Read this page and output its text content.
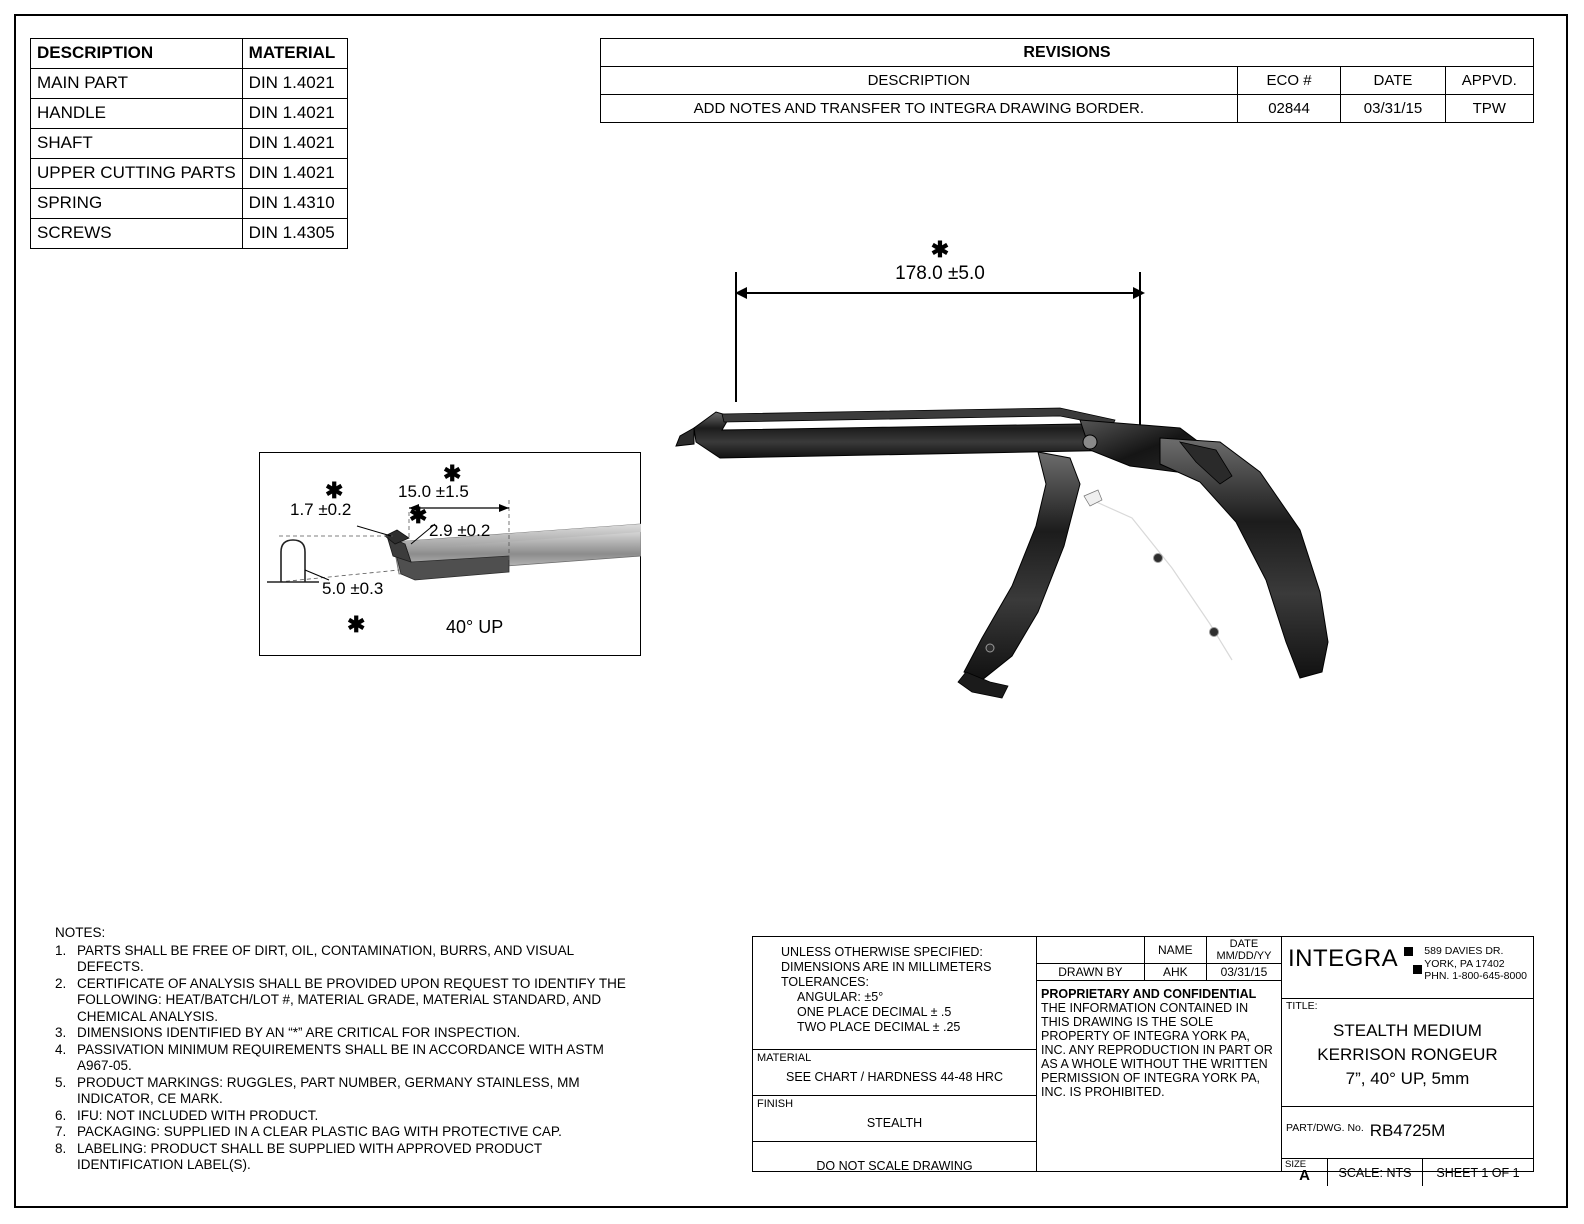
DESCRIPTION	MATERIAL
MAIN PART	DIN 1.4021
HANDLE	DIN 1.4021
SHAFT	DIN 1.4021
UPPER CUTTING PARTS	DIN 1.4021
SPRING	DIN 1.4310
SCREWS	DIN 1.4305
REVISIONS			
DESCRIPTION	ECO #	DATE	APPVD.
ADD NOTES AND TRANSFER TO INTEGRA DRAWING BORDER.	02844	03/31/15	TPW
✱
178.0 ±5.0
✱
1.7 ±0.2
✱
15.0 ±1.5
✱
2.9 ±0.2
5.0 ±0.3
✱	40° UP
NOTES:
1. PARTS SHALL BE FREE OF DIRT, OIL, CONTAMINATION, BURRS, AND VISUAL DEFECTS.
2. CERTIFICATE OF ANALYSIS SHALL BE PROVIDED UPON REQUEST TO IDENTIFY THE FOLLOWING: HEAT/BATCH/LOT #, MATERIAL GRADE, MATERIAL STANDARD, AND CHEMICAL ANALYSIS.
3. DIMENSIONS IDENTIFIED BY AN “*” ARE CRITICAL FOR INSPECTION.
4. PASSIVATION MINIMUM REQUIREMENTS SHALL BE IN ACCORDANCE WITH ASTM A967-05.
5. PRODUCT MARKINGS: RUGGLES, PART NUMBER, GERMANY STAINLESS, MM INDICATOR, CE MARK.
6. IFU: NOT INCLUDED WITH PRODUCT.
7. PACKAGING: SUPPLIED IN A CLEAR PLASTIC BAG WITH PROTECTIVE CAP.
8. LABELING: PRODUCT SHALL BE SUPPLIED WITH APPROVED PRODUCT IDENTIFICATION LABEL(S).
UNLESS OTHERWISE SPECIFIED:
DIMENSIONS ARE IN MILLIMETERS
TOLERANCES:
ANGULAR: ±5°
ONE PLACE DECIMAL ± .5
TWO PLACE DECIMAL ± .25
MATERIAL
SEE CHART / HARDNESS 44-48 HRC
FINISH
STEALTH
DO NOT SCALE DRAWING
	NAME	DATE
MM/DD/YY

DRAWN BY	AHK	03/31/15
PROPRIETARY AND CONFIDENTIAL
THE INFORMATION CONTAINED IN THIS DRAWING IS THE SOLE PROPERTY OF INTEGRA YORK PA, INC. ANY REPRODUCTION IN PART OR AS A WHOLE WITHOUT THE WRITTEN PERMISSION OF INTEGRA YORK PA, INC. IS PROHIBITED.
INTEGRA 589 DAVIES DR.
YORK, PA 17402
PHN. 1-800-645-8000
TITLE:
STEALTH MEDIUM
KERRISON RONGEUR
7”, 40° UP, 5mm
PART/DWG. No. RB4725M
SIZE
A	SCALE: NTS	SHEET 1 OF 1
